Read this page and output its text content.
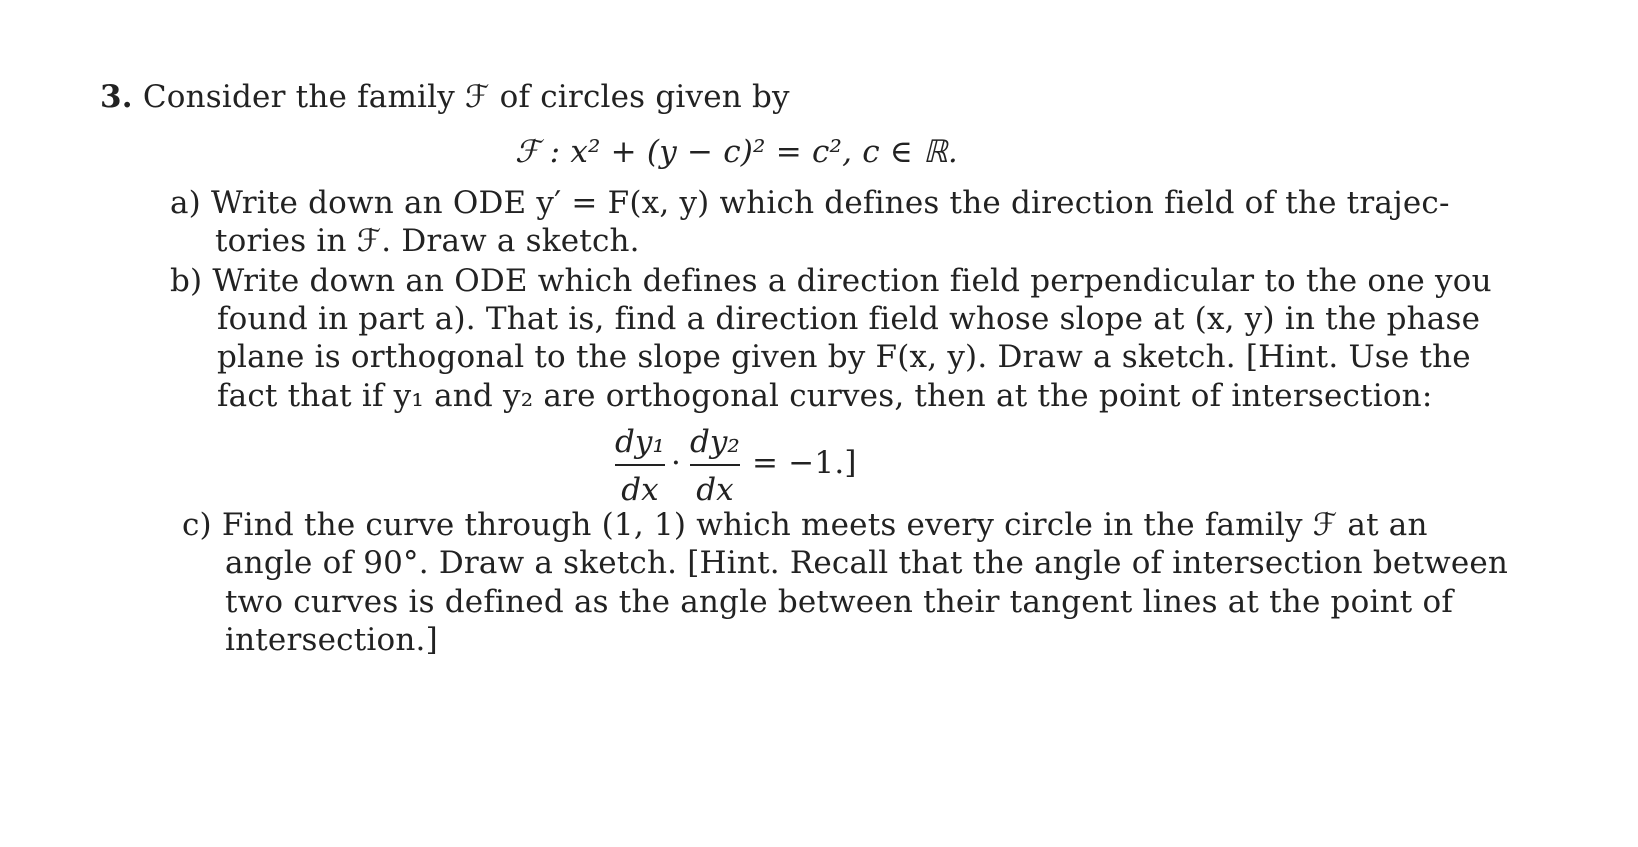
3. Consider the family ℱ of circles given by
ℱ : x² + (y − c)² = c², c ∈ ℝ.
a) Write down an ODE y′ = F(x, y) which defines the direction field of the trajec-
tories in ℱ. Draw a sketch.
b) Write down an ODE which defines a direction field perpendicular to the one you
found in part a). That is, find a direction field whose slope at (x, y) in the phase
plane is orthogonal to the slope given by F(x, y). Draw a sketch. [Hint. Use the
fact that if y₁ and y₂ are orthogonal curves, then at the point of intersection:
dy₁
dx
·
dy₂
dx
= −1.]
c) Find the curve through (1, 1) which meets every circle in the family ℱ at an
angle of 90°. Draw a sketch. [Hint. Recall that the angle of intersection between
two curves is defined as the angle between their tangent lines at the point of
intersection.]
